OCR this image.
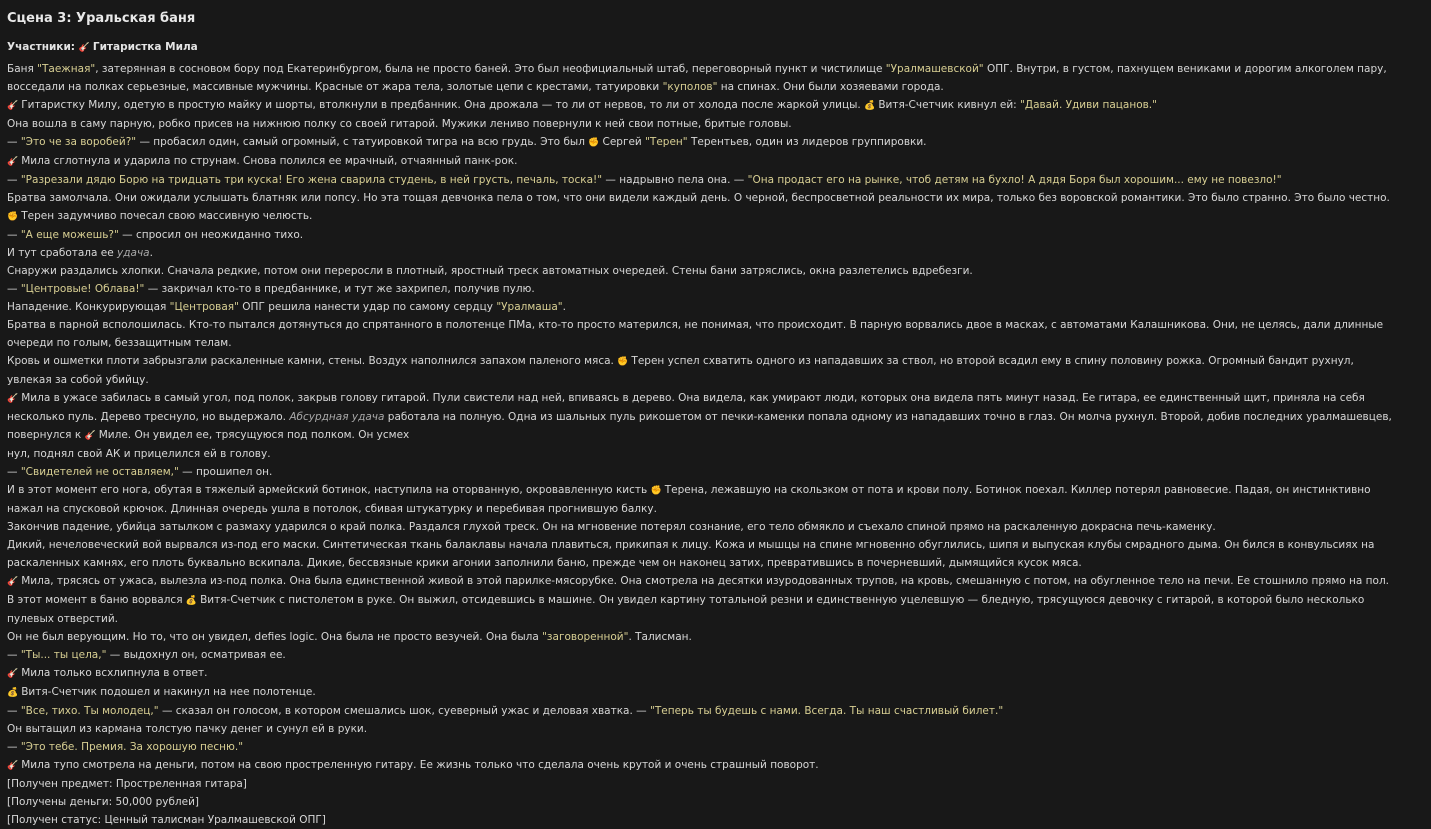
Сцена 3: Уральская баня
Участники: 🎸 Гитаристка Мила
Баня "Таежная", затерянная в сосновом бору под Екатеринбургом, была не просто баней. Это был неофициальный штаб, переговорный пункт и чистилище "Уралмашевской" ОПГ. Внутри, в густом, пахнущем вениками и дорогим алкоголем пару, восседали на полках серьезные, массивные мужчины. Красные от жара тела, золотые цепи с крестами, татуировки "куполов" на спинах. Они были хозяевами города.
🎸Гитаристку Милу, одетую в простую майку и шорты, втолкнули в предбанник. Она дрожала — то ли от нервов, то ли от холода после жаркой улицы. 💰Витя-Счетчик кивнул ей: "Давай. Удиви пацанов."
Она вошла в саму парную, робко присев на нижнюю полку со своей гитарой. Мужики лениво повернули к ней свои потные, бритые головы.
— "Это че за воробей?" — пробасил один, самый огромный, с татуировкой тигра на всю грудь. Это был ✊Сергей "Терен" Терентьев, один из лидеров группировки.
🎸Мила сглотнула и ударила по струнам. Снова полился ее мрачный, отчаянный панк-рок.
— "Разрезали дядю Борю на тридцать три куска! Его жена сварила студень, в ней грусть, печаль, тоска!" — надрывно пела она. — "Она продаст его на рынке, чтоб детям на бухло! А дядя Боря был хорошим... ему не повезло!"
Братва замолчала. Они ожидали услышать блатняк или попсу. Но эта тощая девчонка пела о том, что они видели каждый день. О черной, беспросветной реальности их мира, только без воровской романтики. Это было странно. Это было честно.
✊Терен задумчиво почесал свою массивную челюсть.
— "А еще можешь?" — спросил он неожиданно тихо.
И тут сработала ее удача.
Снаружи раздались хлопки. Сначала редкие, потом они переросли в плотный, яростный треск автоматных очередей. Стены бани затряслись, окна разлетелись вдребезги.
— "Центровые! Облава!" — закричал кто-то в предбаннике, и тут же захрипел, получив пулю.
Нападение. Конкурирующая "Центровая" ОПГ решила нанести удар по самому сердцу "Уралмаша".
Братва в парной всполошилась. Кто-то пытался дотянуться до спрятанного в полотенце ПМа, кто-то просто матерился, не понимая, что происходит. В парную ворвались двое в масках, с автоматами Калашникова. Они, не целясь, дали длинные очереди по голым, беззащитным телам.
Кровь и ошметки плоти забрызгали раскаленные камни, стены. Воздух наполнился запахом паленого мяса. ✊Терен успел схватить одного из нападавших за ствол, но второй всадил ему в спину половину рожка. Огромный бандит рухнул, увлекая за собой убийцу.
🎸Мила в ужасе забилась в самый угол, под полок, закрыв голову гитарой. Пули свистели над ней, впиваясь в дерево. Она видела, как умирают люди, которых она видела пять минут назад. Ее гитара, ее единственный щит, приняла на себя несколько пуль. Дерево треснуло, но выдержало. Абсурдная удача работала на полную. Одна из шальных пуль рикошетом от печки-каменки попала одному из нападавших точно в глаз. Он молча рухнул. Второй, добив последних уралмашевцев, повернулся к 🎸Миле. Он увидел ее, трясущуюся под полком. Он усмех
нул, поднял свой АК и прицелился ей в голову.
— "Свидетелей не оставляем," — прошипел он.
И в этот момент его нога, обутая в тяжелый армейский ботинок, наступила на оторванную, окровавленную кисть ✊Терена, лежавшую на скользком от пота и крови полу. Ботинок поехал. Киллер потерял равновесие. Падая, он инстинктивно нажал на спусковой крючок. Длинная очередь ушла в потолок, сбивая штукатурку и перебивая прогнившую балку.
Закончив падение, убийца затылком с размаху ударился о край полка. Раздался глухой треск. Он на мгновение потерял сознание, его тело обмякло и съехало спиной прямо на раскаленную докрасна печь-каменку.
Дикий, нечеловеческий вой вырвался из-под его маски. Синтетическая ткань балаклавы начала плавиться, прикипая к лицу. Кожа и мышцы на спине мгновенно обуглились, шипя и выпуская клубы смрадного дыма. Он бился в конвульсиях на раскаленных камнях, его плоть буквально вскипала. Дикие, бессвязные крики агонии заполнили баню, прежде чем он наконец затих, превратившись в почерневший, дымящийся кусок мяса.
🎸Мила, трясясь от ужаса, вылезла из-под полка. Она была единственной живой в этой парилке-мясорубке. Она смотрела на десятки изуродованных трупов, на кровь, смешанную с потом, на обугленное тело на печи. Ее стошнило прямо на пол.
В этот момент в баню ворвался 💰Витя-Счетчик с пистолетом в руке. Он выжил, отсидевшись в машине. Он увидел картину тотальной резни и единственную уцелевшую — бледную, трясущуюся девочку с гитарой, в которой было несколько пулевых отверстий.
Он не был верующим. Но то, что он увидел, defies logic. Она была не просто везучей. Она была "заговоренной". Талисман.
— "Ты... ты цела," — выдохнул он, осматривая ее.
🎸Мила только всхлипнула в ответ.
💰Витя-Счетчик подошел и накинул на нее полотенце.
— "Все, тихо. Ты молодец," — сказал он голосом, в котором смешались шок, суеверный ужас и деловая хватка. — "Теперь ты будешь с нами. Всегда. Ты наш счастливый билет."
Он вытащил из кармана толстую пачку денег и сунул ей в руки.
— "Это тебе. Премия. За хорошую песню."
🎸Мила тупо смотрела на деньги, потом на свою простреленную гитару. Ее жизнь только что сделала очень крутой и очень страшный поворот.
[Получен предмет: Простреленная гитара]
[Получены деньги: 50,000 рублей]
[Получен статус: Ценный талисман Уралмашевской ОПГ]
